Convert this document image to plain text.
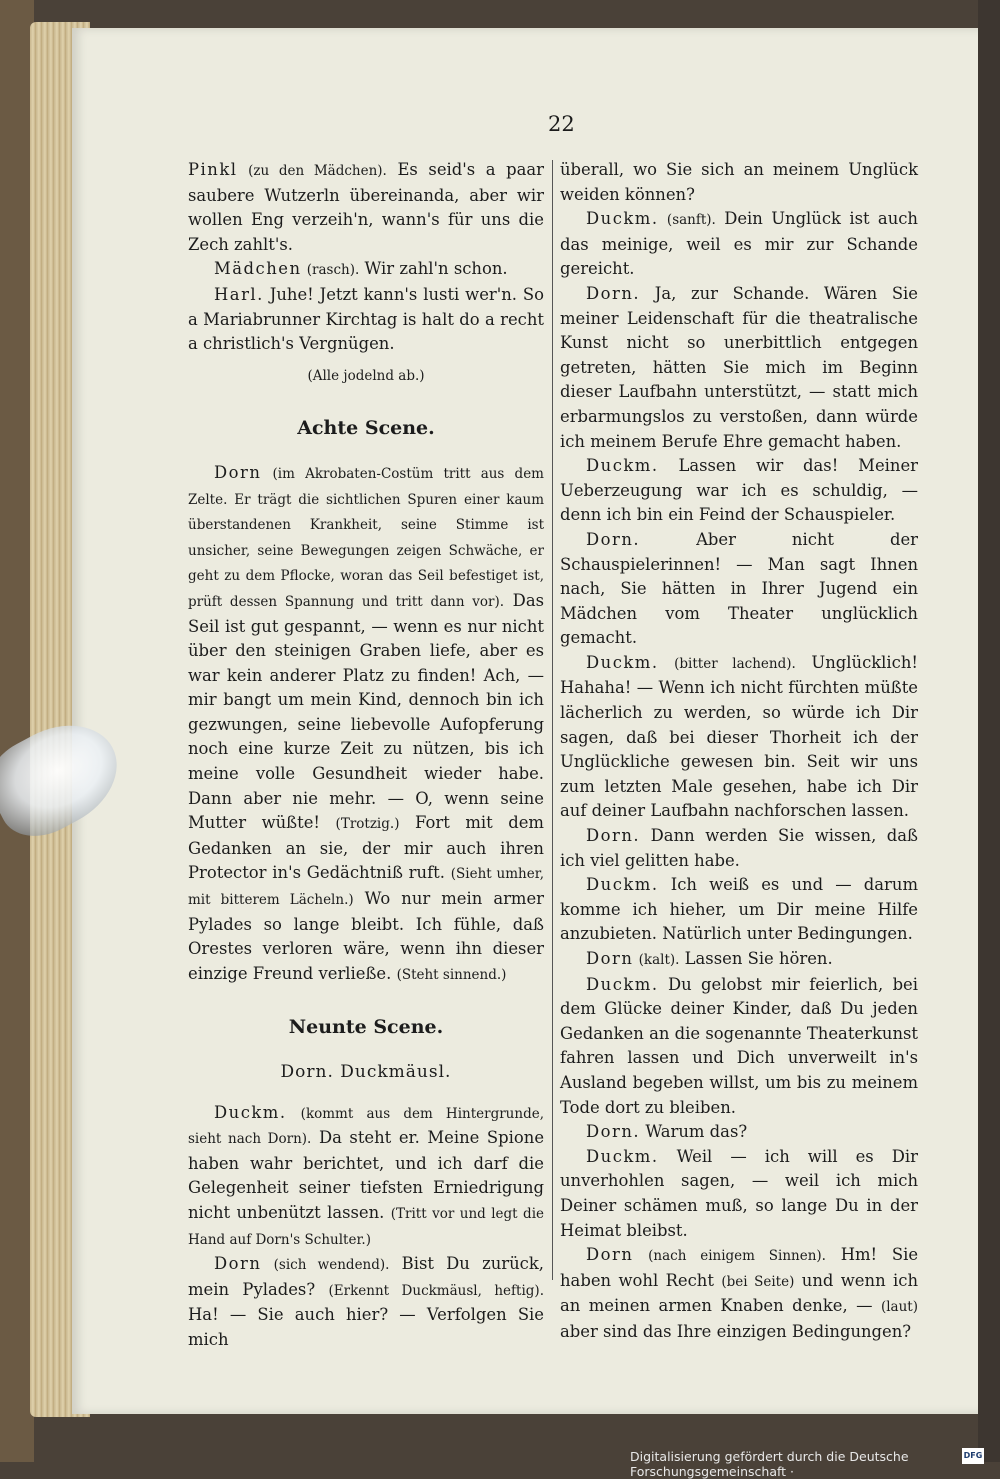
22

Pinkl (zu den Mädchen). Es seid's a paar saubere Wutzerln übereinanda, aber wir wollen Eng verzeih'n, wann's für uns die Zech zahlt's.

Mädchen (rasch). Wir zahl'n schon.

Harl. Juhe! Jetzt kann's lusti wer'n. So a Mariabrunner Kirchtag is halt do a recht a christlich's Vergnügen.

(Alle jodelnd ab.)

Achte Scene.

Dorn (im Akrobaten-Costüm tritt aus dem Zelte. Er trägt die sichtlichen Spuren einer kaum überstandenen Krankheit, seine Stimme ist unsicher, seine Bewegungen zeigen Schwäche, er geht zu dem Pflocke, woran das Seil befestiget ist, prüft dessen Spannung und tritt dann vor). Das Seil ist gut gespannt, — wenn es nur nicht über den steinigen Graben liefe, aber es war kein anderer Platz zu finden! Ach, — mir bangt um mein Kind, dennoch bin ich gezwungen, seine liebevolle Aufopferung noch eine kurze Zeit zu nützen, bis ich meine volle Gesundheit wieder habe. Dann aber nie mehr. — O, wenn seine Mutter wüßte! (Trotzig.) Fort mit dem Gedanken an sie, der mir auch ihren Protector in's Gedächtniß ruft. (Sieht umher, mit bitterem Lächeln.) Wo nur mein armer Pylades so lange bleibt. Ich fühle, daß Orestes verloren wäre, wenn ihn dieser einzige Freund verließe. (Steht sinnend.)

Neunte Scene.
Dorn. Duckmäusl.

Duckm. (kommt aus dem Hintergrunde, sieht nach Dorn). Da steht er. Meine Spione haben wahr berichtet, und ich darf die Gelegenheit seiner tiefsten Erniedrigung nicht unbenützt lassen. (Tritt vor und legt die Hand auf Dorn's Schulter.)

Dorn (sich wendend). Bist Du zurück, mein Pylades? (Erkennt Duckmäusl, heftig). Ha! — Sie auch hier? — Verfolgen Sie mich

überall, wo Sie sich an meinem Unglück weiden können?

Duckm. (sanft). Dein Unglück ist auch das meinige, weil es mir zur Schande gereicht.

Dorn. Ja, zur Schande. Wären Sie meiner Leidenschaft für die theatralische Kunst nicht so unerbittlich entgegen getreten, hätten Sie mich im Beginn dieser Laufbahn unterstützt, — statt mich erbarmungslos zu verstoßen, dann würde ich meinem Berufe Ehre gemacht haben.

Duckm. Lassen wir das! Meiner Ueberzeugung war ich es schuldig, — denn ich bin ein Feind der Schauspieler.

Dorn.	Aber nicht der Schauspielerinnen! — Man sagt Ihnen nach, Sie hätten in Ihrer Jugend ein Mädchen vom Theater unglücklich gemacht.

Duckm. (bitter lachend). Unglücklich! Hahaha! — Wenn ich nicht fürchten müßte lächerlich zu werden, so würde ich Dir sagen, daß bei dieser Thorheit ich der Unglückliche gewesen bin. Seit wir uns zum letzten Male gesehen, habe ich Dir auf deiner Laufbahn nachforschen lassen.

Dorn. Dann werden Sie wissen, daß ich viel gelitten habe.

Duckm. Ich weiß es und — darum komme ich hieher, um Dir meine Hilfe anzubieten. Natürlich unter Bedingungen.

Dorn (kalt). Lassen Sie hören.

Duckm. Du gelobst mir feierlich, bei dem Glücke deiner Kinder, daß Du jeden Gedanken an die sogenannte Theaterkunst fahren lassen und Dich unverweilt in's Ausland begeben willst, um bis zu meinem Tode dort zu bleiben.

Dorn. Warum das?

Duckm. Weil — ich will es Dir unverhohlen sagen, — weil ich mich Deiner schämen muß, so lange Du in der Heimat bleibst.

Dorn (nach einigem Sinnen). Hm! Sie haben wohl Recht (bei Seite) und wenn ich an meinen armen Knaben denke, — (laut) aber sind das Ihre einzigen Bedingungen?

Digitalisierung gefördert durch die Deutsche Forschungsgemeinschaft ·
DFG
